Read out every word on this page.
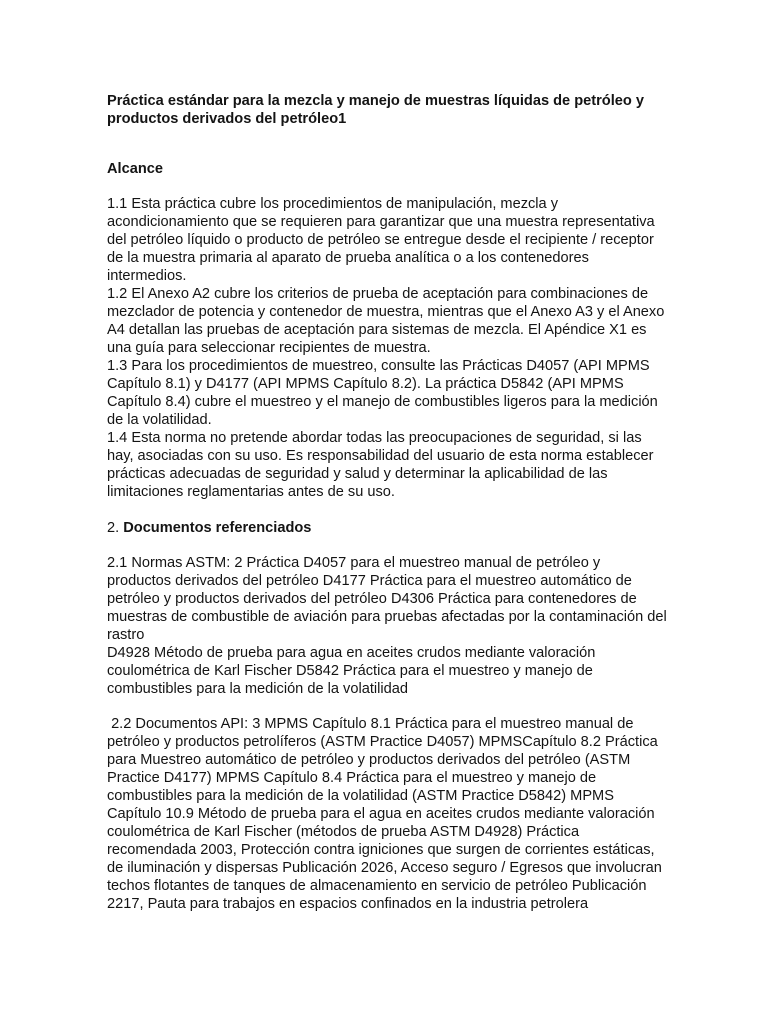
Práctica estándar para la mezcla y manejo de muestras líquidas de petróleo y productos derivados del petróleo1

Alcance

1.1 Esta práctica cubre los procedimientos de manipulación, mezcla y acondicionamiento que se requieren para garantizar que una muestra representativa del petróleo líquido o producto de petróleo se entregue desde el recipiente / receptor de la muestra primaria al aparato de prueba analítica o a los contenedores intermedios.

1.2 El Anexo A2 cubre los criterios de prueba de aceptación para combinaciones de mezclador de potencia y contenedor de muestra, mientras que el Anexo A3 y el Anexo A4 detallan las pruebas de aceptación para sistemas de mezcla. El Apéndice X1 es una guía para seleccionar recipientes de muestra.

1.3 Para los procedimientos de muestreo, consulte las Prácticas D4057 (API MPMS Capítulo 8.1) y D4177 (API MPMS Capítulo 8.2). La práctica D5842 (API MPMS Capítulo 8.4) cubre el muestreo y el manejo de combustibles ligeros para la medición de la volatilidad.

1.4 Esta norma no pretende abordar todas las preocupaciones de seguridad, si las hay, asociadas con su uso. Es responsabilidad del usuario de esta norma establecer prácticas adecuadas de seguridad y salud y determinar la aplicabilidad de las limitaciones reglamentarias antes de su uso.

2. Documentos referenciados

2.1 Normas ASTM: 2 Práctica D4057 para el muestreo manual de petróleo y productos derivados del petróleo D4177 Práctica para el muestreo automático de petróleo y productos derivados del petróleo D4306 Práctica para contenedores de muestras de combustible de aviación para pruebas afectadas por la contaminación del rastro

D4928 Método de prueba para agua en aceites crudos mediante valoración coulométrica de Karl Fischer D5842 Práctica para el muestreo y manejo de combustibles para la medición de la volatilidad

2.2 Documentos API: 3 MPMS Capítulo 8.1 Práctica para el muestreo manual de petróleo y productos petrolíferos (ASTM Practice D4057) MPMSCapítulo 8.2 Práctica para Muestreo automático de petróleo y productos derivados del petróleo (ASTM Practice D4177) MPMS Capítulo 8.4 Práctica para el muestreo y manejo de combustibles para la medición de la volatilidad (ASTM Practice D5842) MPMS Capítulo 10.9 Método de prueba para el agua en aceites crudos mediante valoración coulométrica de Karl Fischer (métodos de prueba ASTM D4928) Práctica recomendada 2003, Protección contra igniciones que surgen de corrientes estáticas, de iluminación y dispersas Publicación 2026, Acceso seguro / Egresos que involucran techos flotantes de tanques de almacenamiento en servicio de petróleo Publicación 2217, Pauta para trabajos en espacios confinados en la industria petrolera
